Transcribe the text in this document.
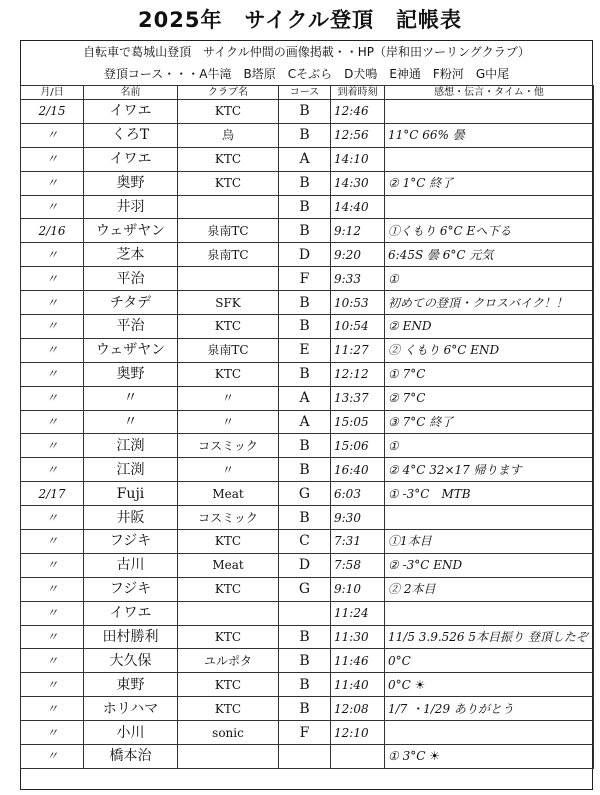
2025年　サイクル登頂　記帳表
自転車で葛城山登頂　サイクル仲間の画像掲載・・HP（岸和田ツーリングクラブ）
登頂コース・・・A牛滝　B塔原　Cそぶら　D犬鳴　E神通　F粉河　G中尾
月/日	名前	クラブ名	コース	到着時刻	感想・伝言・タイム・他
2/15	イワエ	KTC	B	12:46	
〃	くろT	烏	B	12:56	11°C 66% 曇
〃	イワエ	KTC	A	14:10	
〃	奥野	KTC	B	14:30	② 1°C 終了
〃	井羽		B	14:40	
2/16	ウェザヤン	泉南TC	B	9:12	①くもり 6°C Eへ下る
〃	芝本	泉南TC	D	9:20	6:45S 曇 6°C 元気
〃	平治		F	9:33	①
〃	チタデ	SFK	B	10:53	初めての登頂・クロスバイク！！
〃	平治	KTC	B	10:54	② END
〃	ウェザヤン	泉南TC	E	11:27	② くもり 6°C END
〃	奥野	KTC	B	12:12	① 7°C
〃	〃	〃	A	13:37	② 7°C
〃	〃	〃	A	15:05	③ 7°C 終了
〃	江渕	コスミック	B	15:06	①
〃	江渕	〃	B	16:40	② 4°C 32×17 帰ります
2/17	Fuji	Meat	G	6:03	① -3°C　MTB
〃	井阪	コスミック	B	9:30	
〃	フジキ	KTC	C	7:31	①1本目
〃	古川	Meat	D	7:58	② -3°C END
〃	フジキ	KTC	G	9:10	② 2本目
〃	イワエ			11:24	
〃	田村勝利	KTC	B	11:30	11/5 3.9.526 5本目振り 登頂したぞ
〃	大久保	ユルポタ	B	11:46	0°C
〃	東野	KTC	B	11:40	0°C ☀
〃	ホリハマ	KTC	B	12:08	1/7 ・1/29 ありがとう
〃	小川	sonic	F	12:10	
〃	橋本治				① 3°C ☀
